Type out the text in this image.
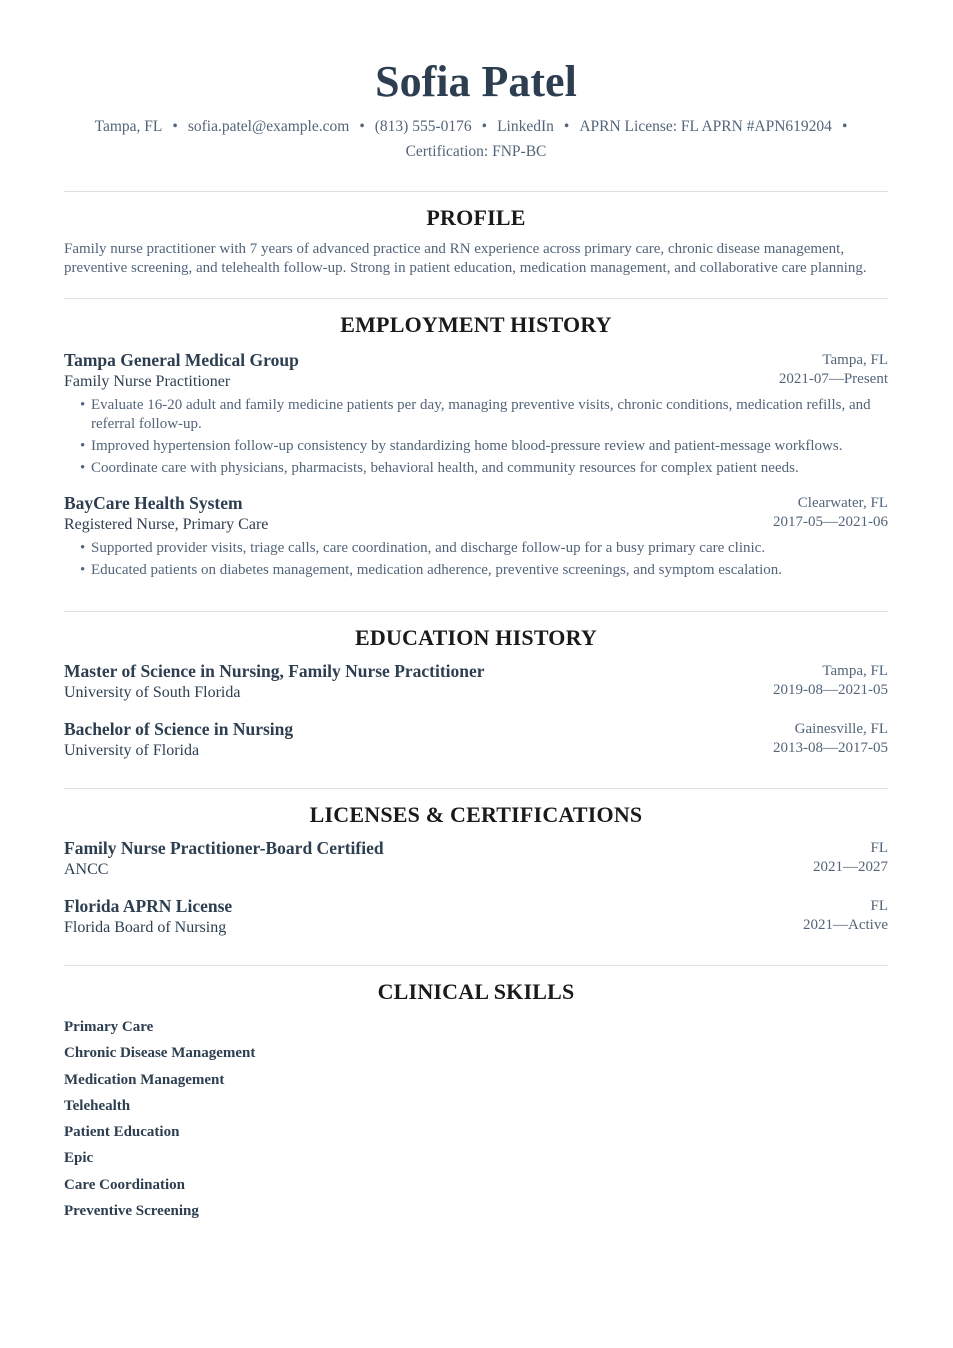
Sofia Patel
Tampa, FL • sofia.patel@example.com • (813) 555-0176 • LinkedIn • APRN License: FL APRN #APN619204 •
Certification: FNP-BC
PROFILE

Family nurse practitioner with 7 years of advanced practice and RN experience across primary care, chronic disease management, preventive screening, and telehealth follow-up. Strong in patient education, medication management, and collaborative care planning.

EMPLOYMENT HISTORY
Tampa General Medical Group
Family Nurse Practitioner
Tampa, FL
2021-07—Present
• Evaluate 16-20 adult and family medicine patients per day, managing preventive visits, chronic conditions, medication refills, and referral follow-up.
• Improved hypertension follow-up consistency by standardizing home blood-pressure review and patient-message workflows.
• Coordinate care with physicians, pharmacists, behavioral health, and community resources for complex patient needs.
BayCare Health System
Registered Nurse, Primary Care
Clearwater, FL
2017-05—2021-06
• Supported provider visits, triage calls, care coordination, and discharge follow-up for a busy primary care clinic.
• Educated patients on diabetes management, medication adherence, preventive screenings, and symptom escalation.
EDUCATION HISTORY
Master of Science in Nursing, Family Nurse Practitioner
University of South Florida
Tampa, FL
2019-08—2021-05
Bachelor of Science in Nursing
University of Florida
Gainesville, FL
2013-08—2017-05
LICENSES & CERTIFICATIONS
Family Nurse Practitioner-Board Certified
ANCC
FL
2021—2027
Florida APRN License
Florida Board of Nursing
FL
2021—Active
CLINICAL SKILLS
Primary Care
Chronic Disease Management
Medication Management
Telehealth
Patient Education
Epic
Care Coordination
Preventive Screening
